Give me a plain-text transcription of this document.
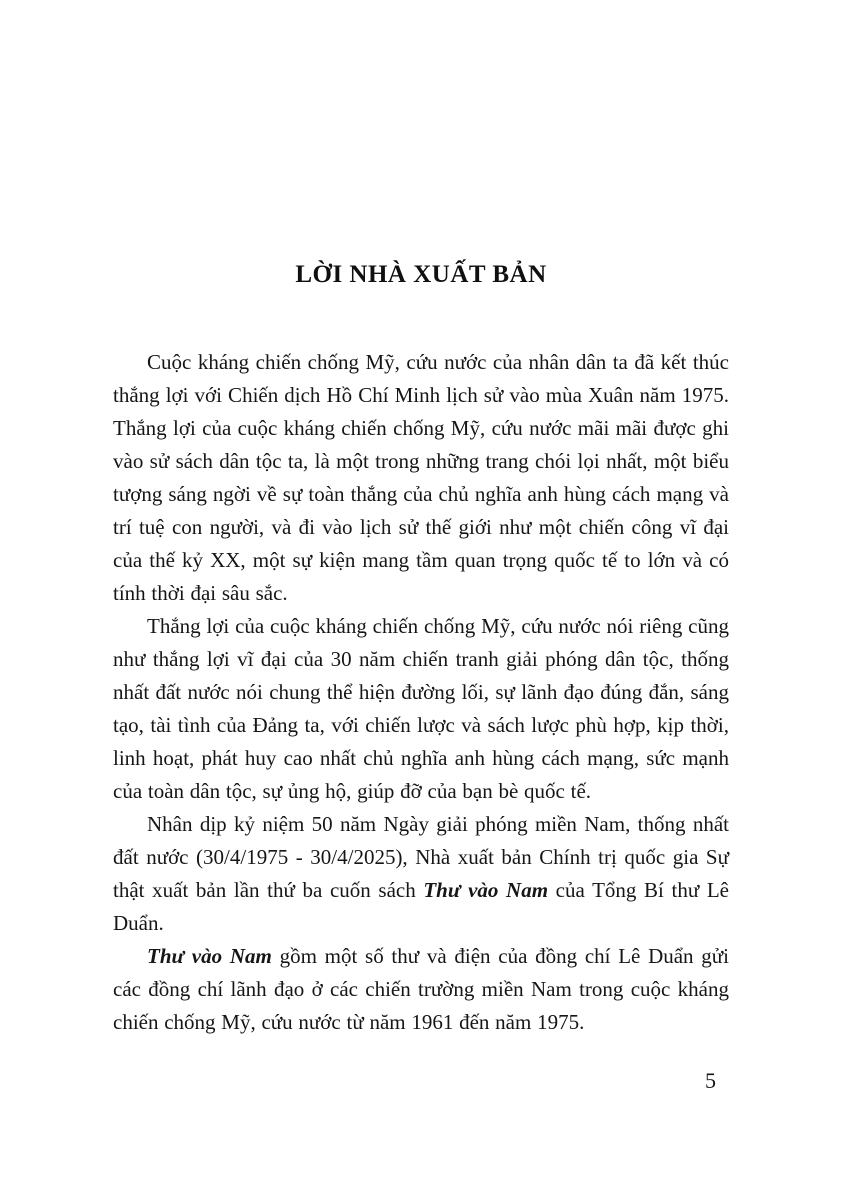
LỜI NHÀ XUẤT BẢN

Cuộc kháng chiến chống Mỹ, cứu nước của nhân dân ta đã kết thúc thắng lợi với Chiến dịch Hồ Chí Minh lịch sử vào mùa Xuân năm 1975. Thắng lợi của cuộc kháng chiến chống Mỹ, cứu nước mãi mãi được ghi vào sử sách dân tộc ta, là một trong những trang chói lọi nhất, một biểu tượng sáng ngời về sự toàn thắng của chủ nghĩa anh hùng cách mạng và trí tuệ con người, và đi vào lịch sử thế giới như một chiến công vĩ đại của thế kỷ XX, một sự kiện mang tầm quan trọng quốc tế to lớn và có tính thời đại sâu sắc.

Thắng lợi của cuộc kháng chiến chống Mỹ, cứu nước nói riêng cũng như thắng lợi vĩ đại của 30 năm chiến tranh giải phóng dân tộc, thống nhất đất nước nói chung thể hiện đường lối, sự lãnh đạo đúng đắn, sáng tạo, tài tình của Đảng ta, với chiến lược và sách lược phù hợp, kịp thời, linh hoạt, phát huy cao nhất chủ nghĩa anh hùng cách mạng, sức mạnh của toàn dân tộc, sự ủng hộ, giúp đỡ của bạn bè quốc tế.

Nhân dịp kỷ niệm 50 năm Ngày giải phóng miền Nam, thống nhất đất nước (30/4/1975 - 30/4/2025), Nhà xuất bản Chính trị quốc gia Sự thật xuất bản lần thứ ba cuốn sách Thư vào Nam của Tổng Bí thư Lê Duẩn.

Thư vào Nam gồm một số thư và điện của đồng chí Lê Duẩn gửi các đồng chí lãnh đạo ở các chiến trường miền Nam trong cuộc kháng chiến chống Mỹ, cứu nước từ năm 1961 đến năm 1975.

5
